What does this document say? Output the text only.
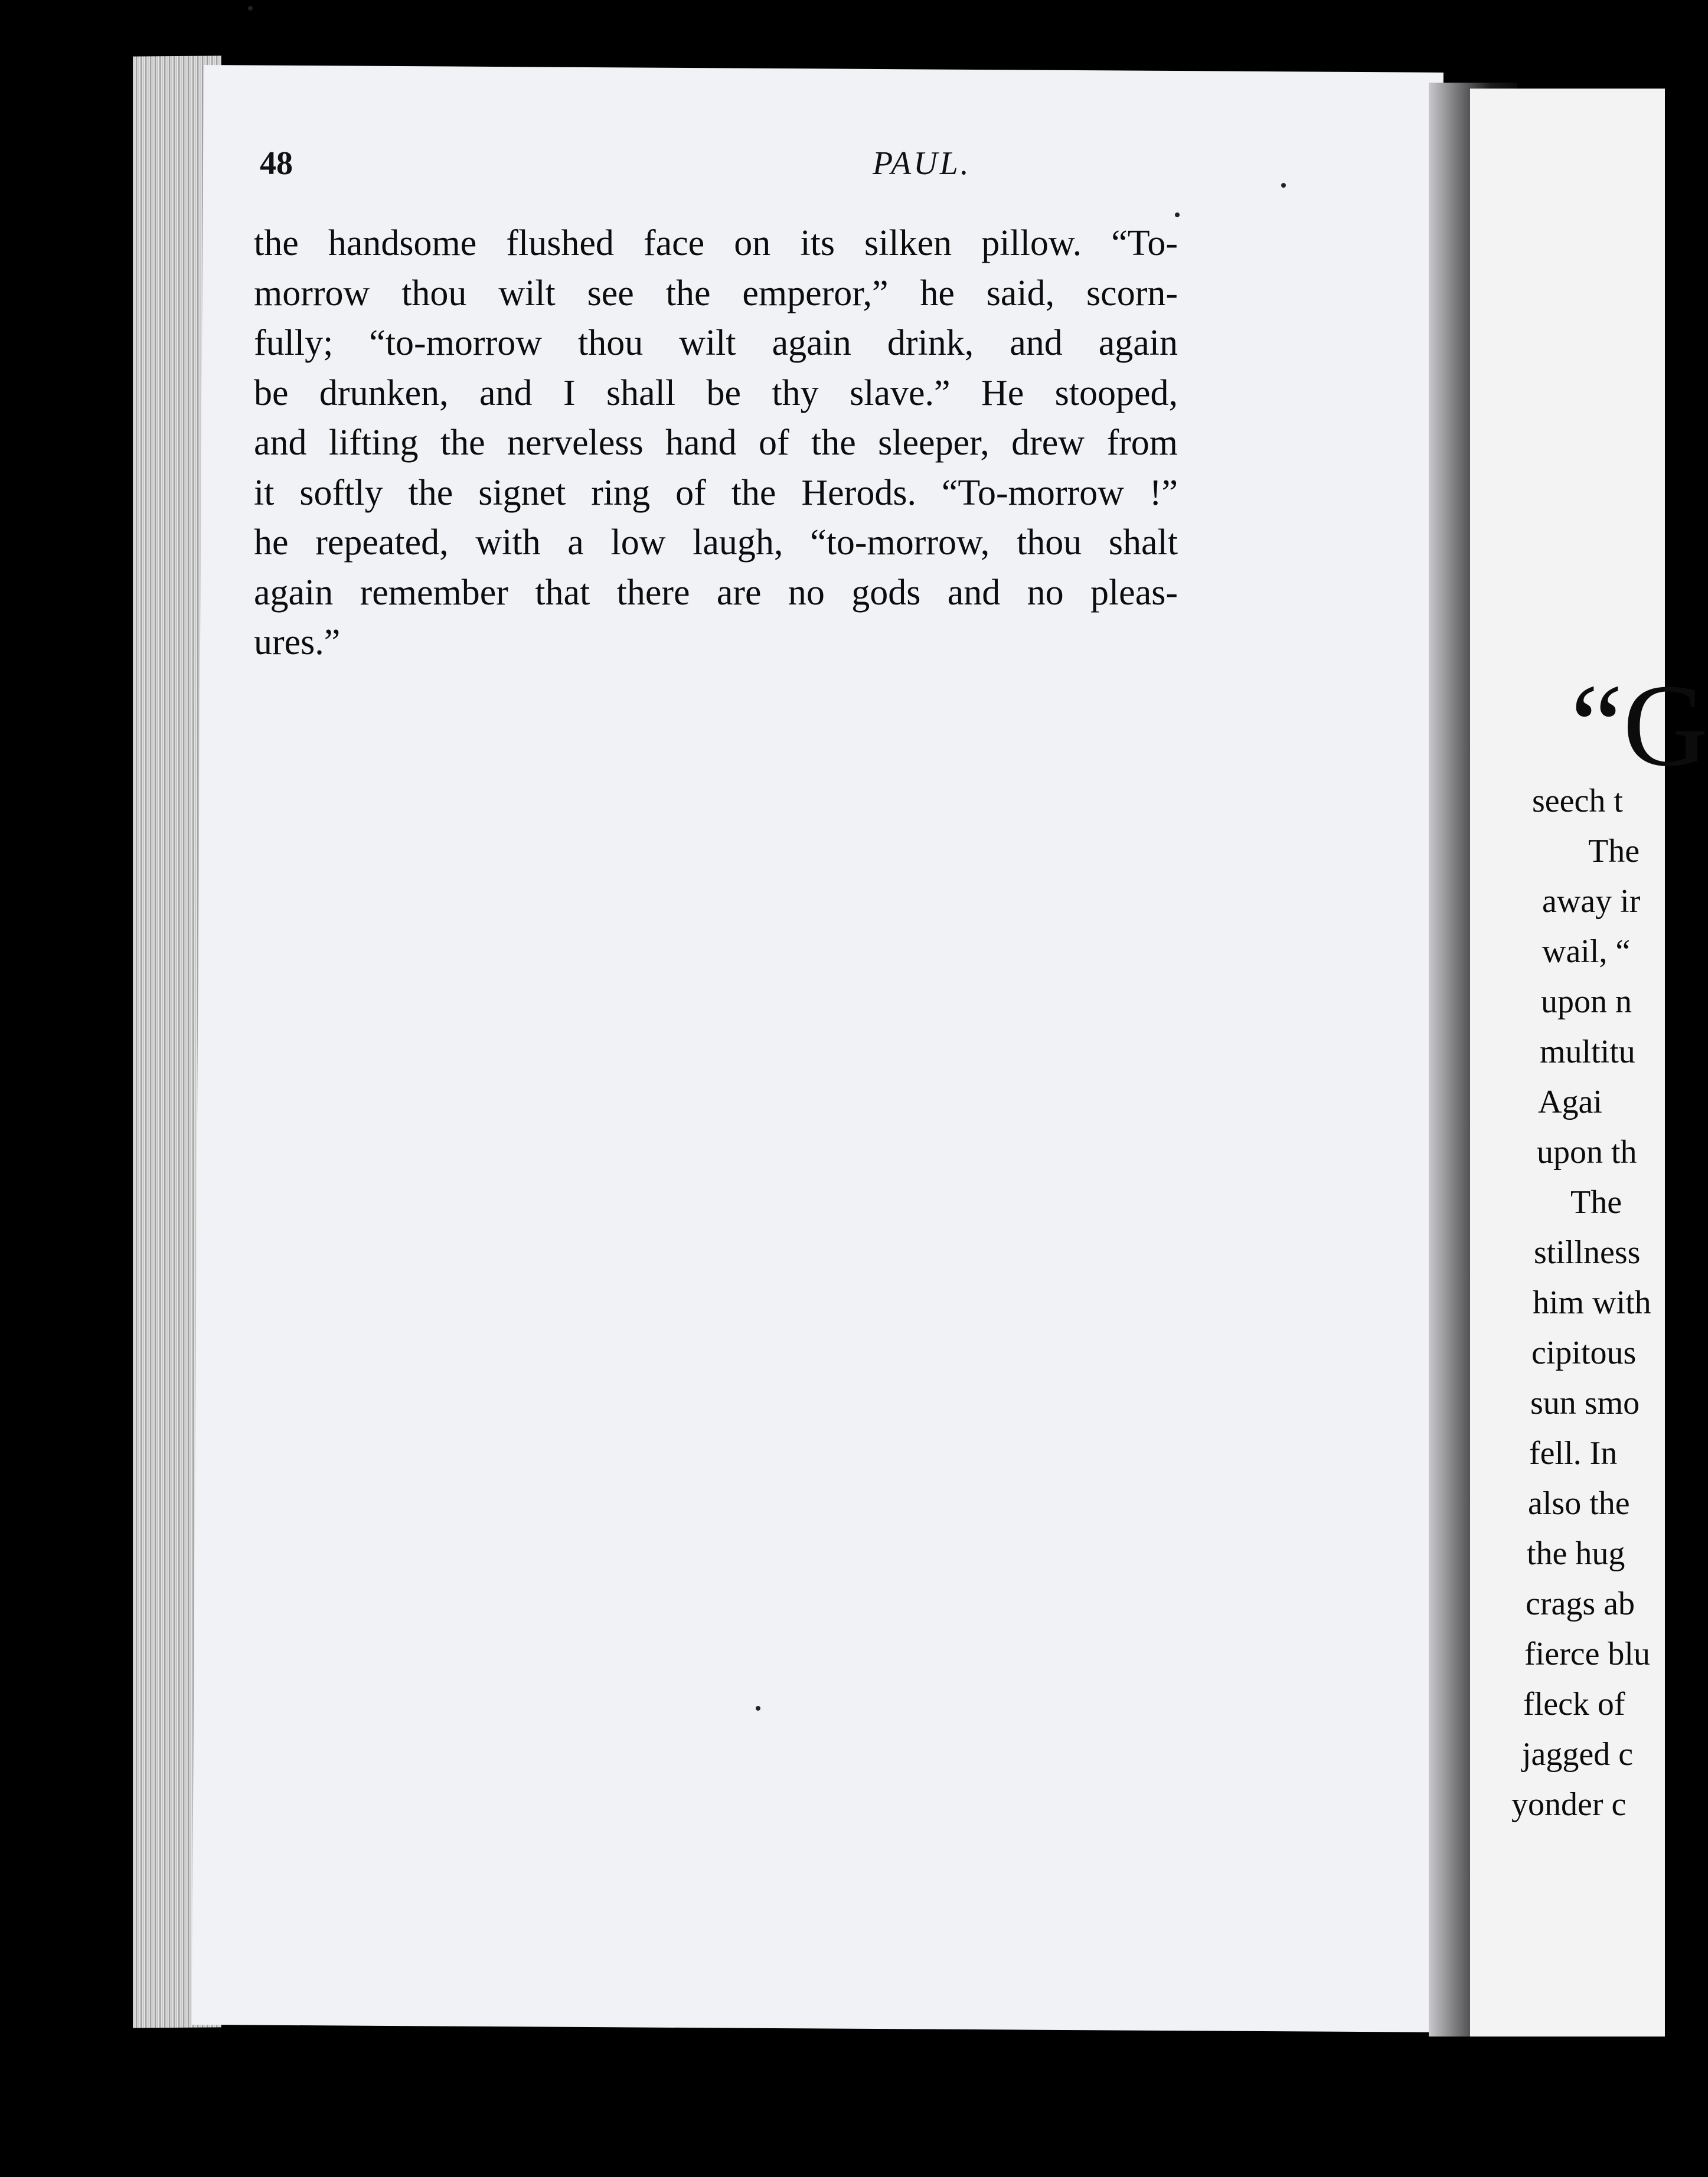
48	PAUL.
the handsome flushed face on its silken pillow. “To-
morrow thou wilt see the emperor,” he said, scorn-
fully; “to-morrow thou wilt again drink, and again
be drunken, and I shall be thy slave.” He stooped,
and lifting the nerveless hand of the sleeper, drew from
it softly the signet ring of the Herods. “To-morrow !”
he repeated, with a low laugh, “to-morrow, thou shalt
again remember that there are no gods and no pleas-
ures.”
“G
seech t
The
away ir
wail, “
upon n
multitu
Agai
upon th
The
stillness
him with
cipitous
sun smo
fell. In
also the
the hug
crags ab
fierce blu
fleck of
jagged c
yonder c
